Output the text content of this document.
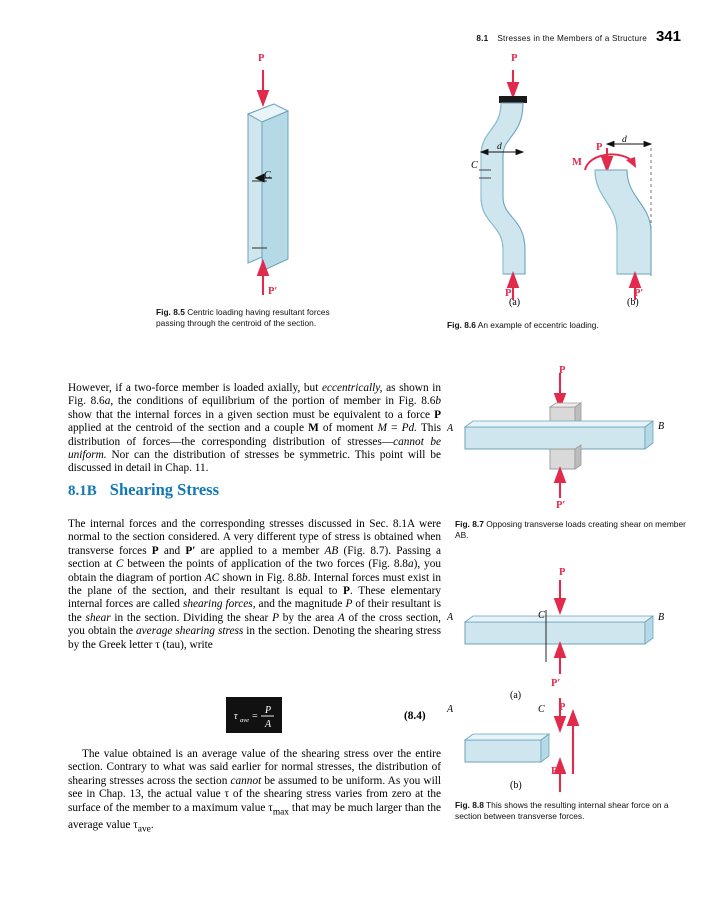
8.1 Stresses in the Members of a Structure 341
P
P′
C
Fig. 8.5 Centric loading having resultant forces passing through the centroid of the section.
P
P′
P
M
P′
C
d
d
(a)	(b)
Fig. 8.6 An example of eccentric loading.

However, if a two-force member is loaded axially, but eccentrically, as shown in Fig. 8.6a, the conditions of equilibrium of the portion of member in Fig. 8.6b show that the internal forces in a given section must be equivalent to a force P applied at the centroid of the section and a couple M of moment M = Pd. This distribution of forces—the corresponding distribution of stresses—cannot be uniform. Nor can the distribution of stresses be symmetric. This point will be discussed in detail in Chap. 11.

8.1B Shearing Stress

The internal forces and the corresponding stresses discussed in Sec. 8.1A were normal to the section considered. A very different type of stress is obtained when transverse forces P and P′ are applied to a member AB (Fig. 8.7). Passing a section at C between the points of application of the two forces (Fig. 8.8a), you obtain the diagram of portion AC shown in Fig. 8.8b. Internal forces must exist in the plane of the section, and their resultant is equal to P. These elementary internal forces are called shearing forces, and the magnitude P of their resultant is the shear in the section. Dividing the shear P by the area A of the cross section, you obtain the average shearing stress in the section. Denoting the shearing stress by the Greek letter τ (tau), write

τ ave =
P
A
(8.4)

The value obtained is an average value of the shearing stress over the entire section. Contrary to what was said earlier for normal stresses, the distribution of shearing stresses across the section cannot be assumed to be uniform. As you will see in Chap. 13, the actual value τ of the shearing stress varies from zero at the surface of the member to a maximum value $\tau_{max}$ that may be much larger than the average value $\tau_{ave}$.

P
P′
A	B
Fig. 8.7 Opposing transverse loads creating shear on member AB.
P
P′
A	B
C
(a)
A	C P
P′
(b)
Fig. 8.8 This shows the resulting internal shear force on a section between transverse forces.
